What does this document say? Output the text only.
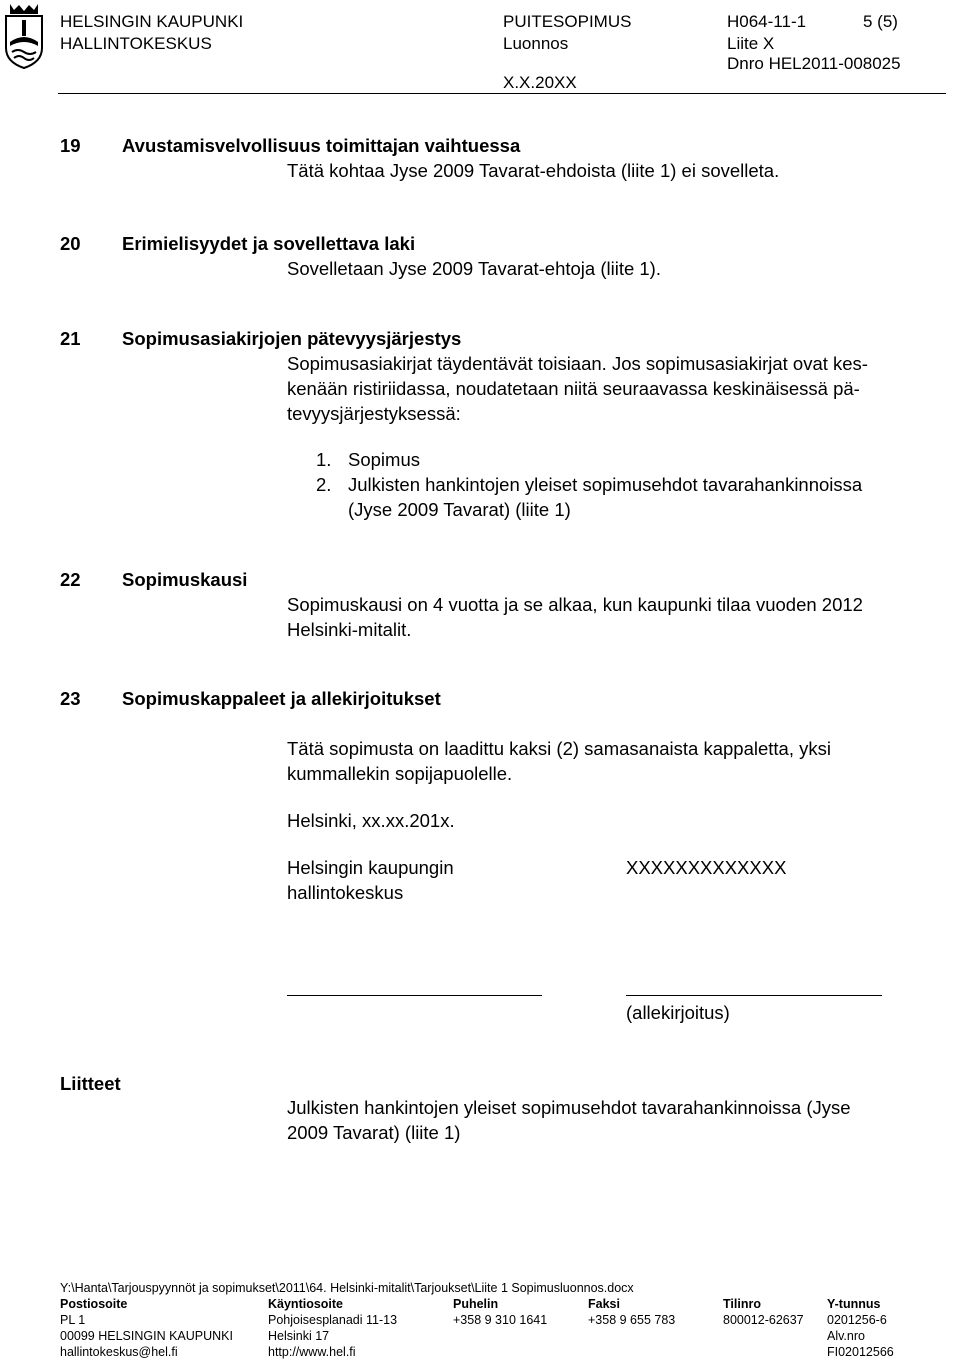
HELSINGIN KAUPUNKI
HALLINTOKESKUS
PUITESOPIMUS
Luonnos
X.X.20XX
H064-11-1
Liite X
Dnro HEL2011-008025
5 (5)
19 Avustamisvelvollisuus toimittajan vaihtuessa
Tätä kohtaa Jyse 2009 Tavarat-ehdoista (liite 1) ei sovelleta.
20 Erimielisyydet ja sovellettava laki
Sovelletaan Jyse 2009 Tavarat-ehtoja (liite 1).
21 Sopimusasiakirjojen pätevyysjärjestys
Sopimusasiakirjat täydentävät toisiaan. Jos sopimusasiakirjat ovat kes-
kenään ristiriidassa, noudatetaan niitä seuraavassa keskinäisessä pä-
tevyysjärjestyksessä:
1. Sopimus
2. Julkisten hankintojen yleiset sopimusehdot tavarahankinnoissa
(Jyse 2009 Tavarat) (liite 1)
22 Sopimuskausi
Sopimuskausi on 4 vuotta ja se alkaa, kun kaupunki tilaa vuoden 2012
Helsinki-mitalit.
23 Sopimuskappaleet ja allekirjoitukset
Tätä sopimusta on laadittu kaksi (2) samasanaista kappaletta, yksi
kummallekin sopijapuolelle.
Helsinki, xx.xx.201x.
Helsingin kaupungin
hallintokeskus
XXXXXXXXXXXXX
(allekirjoitus)
Liitteet
Julkisten hankintojen yleiset sopimusehdot tavarahankinnoissa (Jyse
2009 Tavarat) (liite 1)
Y:\Hanta\Tarjouspyynnöt ja sopimukset\2011\64. Helsinki-mitalit\Tarjoukset\Liite 1 Sopimusluonnos.docx
Postiosoite
PL 1
00099 HELSINGIN KAUPUNKI
hallintokeskus@hel.fi
Käyntiosoite
Pohjoisesplanadi 11-13
Helsinki 17
http://www.hel.fi
Puhelin
+358 9 310 1641
Faksi
+358 9 655 783
Tilinro
800012-62637
Y-tunnus
0201256-6
Alv.nro
FI02012566
